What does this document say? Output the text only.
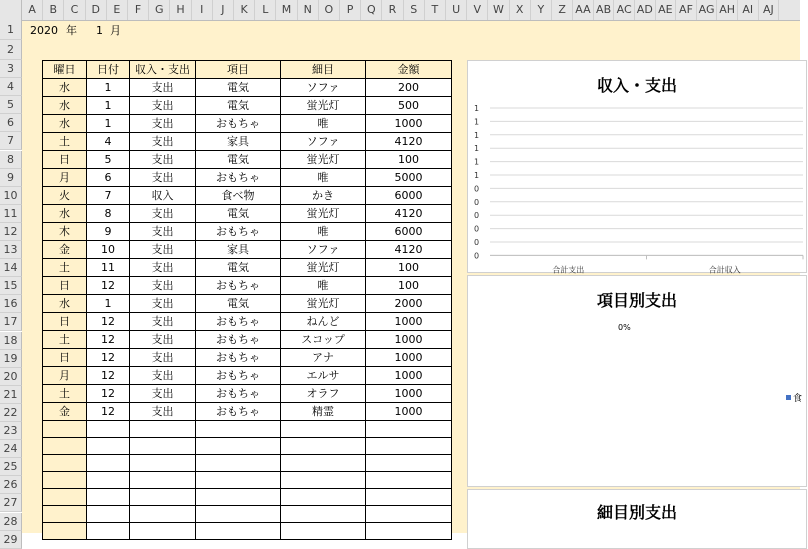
A	B	C	D	E	F	G	H	I	J	K	L	M	N	O	P	Q	R	S	T	U	V	W	X	Y	Z AA AB AC AD AE AF AG AH AI AJ
1
2
3
4
5
6
7
8
9
10
11
12
13
14
15
16
17
18
19
20
21
22
23
24
25
26
27
28
29
2020 年 1 月
曜日	日付	収入・支出	項目	細目	金額
水	1	支出	電気	ソファ	200
水	1	支出	電気	蛍光灯	500
水	1	支出	おもちゃ	唯	1000
土	4	支出	家具	ソファ	4120
日	5	支出	電気	蛍光灯	100
月	6	支出	おもちゃ	唯	5000
火	7	収入	食べ物	かき	6000
水	8	支出	電気	蛍光灯	4120
木	9	支出	おもちゃ	唯	6000
金	10	支出	家具	ソファ	4120
土	11	支出	電気	蛍光灯	100
日	12	支出	おもちゃ	唯	100
水	1	支出	電気	蛍光灯	2000
日	12	支出	おもちゃ	ねんど	1000
土	12	支出	おもちゃ	スコップ	1000
日	12	支出	おもちゃ	アナ	1000
月	12	支出	おもちゃ	エルサ	1000
土	12	支出	おもちゃ	オラフ	1000
金	12	支出	おもちゃ	精霊	1000

収入・支出
1
1
1
1
1
1
0
0
0
0
0
0
合計支出	合計収入
項目別支出
0%
食
細目別支出
